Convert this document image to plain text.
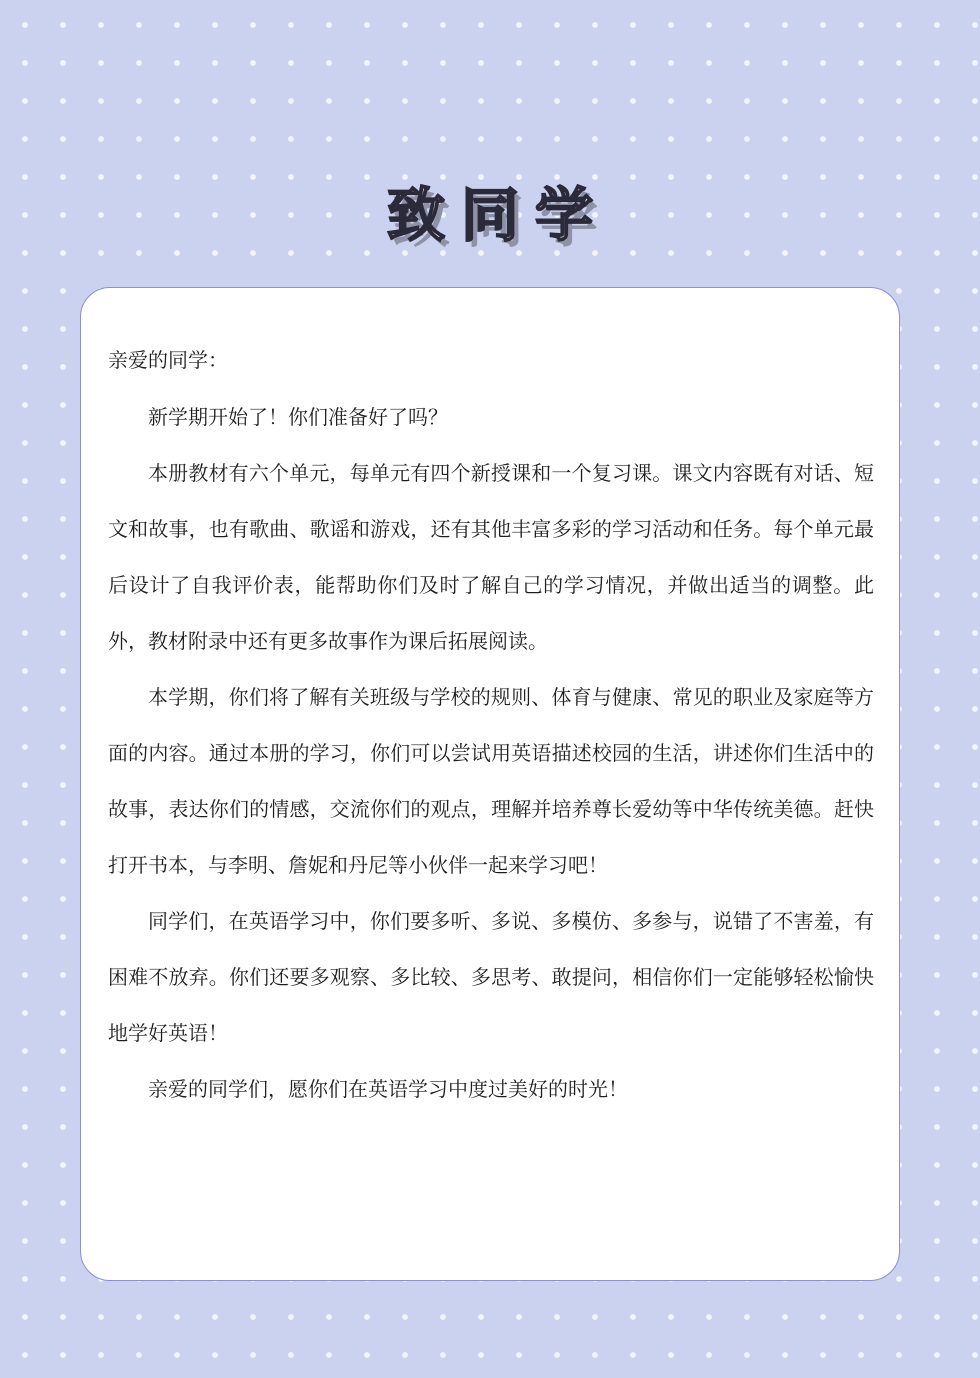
致同学

亲爱的同学：

新学期开始了！你们准备好了吗？

本册教材有六个单元，每单元有四个新授课和一个复习课。课文内容既有对话、短文和故事，也有歌曲、歌谣和游戏，还有其他丰富多彩的学习活动和任务。每个单元最后设计了自我评价表，能帮助你们及时了解自己的学习情况，并做出适当的调整。此外，教材附录中还有更多故事作为课后拓展阅读。

本学期，你们将了解有关班级与学校的规则、体育与健康、常见的职业及家庭等方面的内容。通过本册的学习，你们可以尝试用英语描述校园的生活，讲述你们生活中的故事，表达你们的情感，交流你们的观点，理解并培养尊长爱幼等中华传统美德。赶快打开书本，与李明、詹妮和丹尼等小伙伴一起来学习吧！

同学们，在英语学习中，你们要多听、多说、多模仿、多参与，说错了不害羞，有困难不放弃。你们还要多观察、多比较、多思考、敢提问，相信你们一定能够轻松愉快地学好英语！

亲爱的同学们，愿你们在英语学习中度过美好的时光！
